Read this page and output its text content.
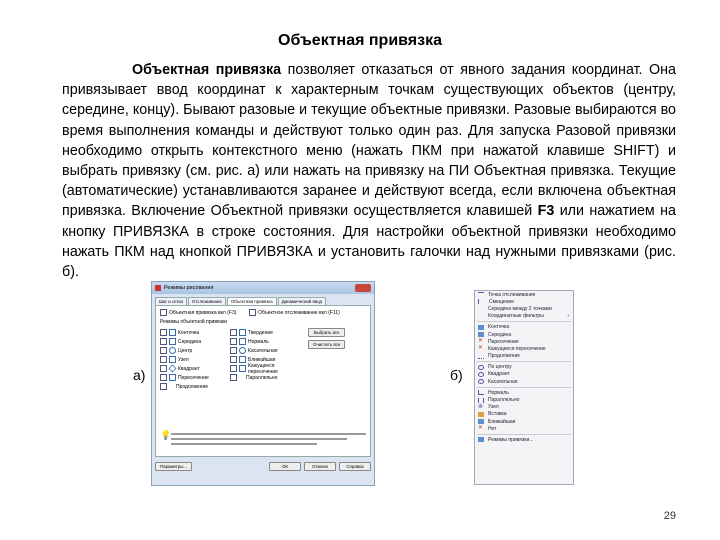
Объектная привязка
Объектная привязка позволяет отказаться от явного задания координат. Она привязывает ввод координат к характерным точкам существующих объектов (центру, середине, концу). Бывают разовые и текущие объектные привязки. Разовые выбираются во время выполнения команды и действуют только один раз. Для запуска Разовой привязки необходимо открыть контекстного меню (нажать ПКМ при нажатой клавише SHIFT) и выбрать привязку (см. рис. а) или нажать на привязку на ПИ Объектная привязка. Текущие (автоматические) устанавливаются заранее и действуют всегда, если включена объектная привязка. Включение Объектной привязки осуществляется клавишей F3 или нажатием на кнопку ПРИВЯЗКА в строке состояния. Для настройки объектной привязки необходимо нажать ПКМ над кнопкой ПРИВЯЗКА и установить галочки над нужными привязками (рис. б).
а)	б)
Режимы рисования
Шаг и сетка	Отслеживание	Объектная привязка	Динамический ввод
Объектная привязка вкл (F3)	Объектное отслеживание вкл (F11)
Режимы объектной привязки
Конточка
Середина
Центр
Узел
Квадрант
Пересечение
Продолжение
Твердение
Нормаль
Касательная
Ближайшая
Кажущееся пересечение
Параллельно
Выбрать все
Очистить все
💡
Параметры...	ОК	Отмена	Справка
Точка отслеживания
Смещение
Середина между 2 точками
Координатные фильтры	›
Конточка
Середина
✕ Пересечение
✕ Кажущееся пересечение
Продолжение
По центру
Квадрант
Касательная
Нормаль
Параллельно
⊗ Узел
Вставка
Ближайшая
✕ Нет
Режимы привязки...
29
